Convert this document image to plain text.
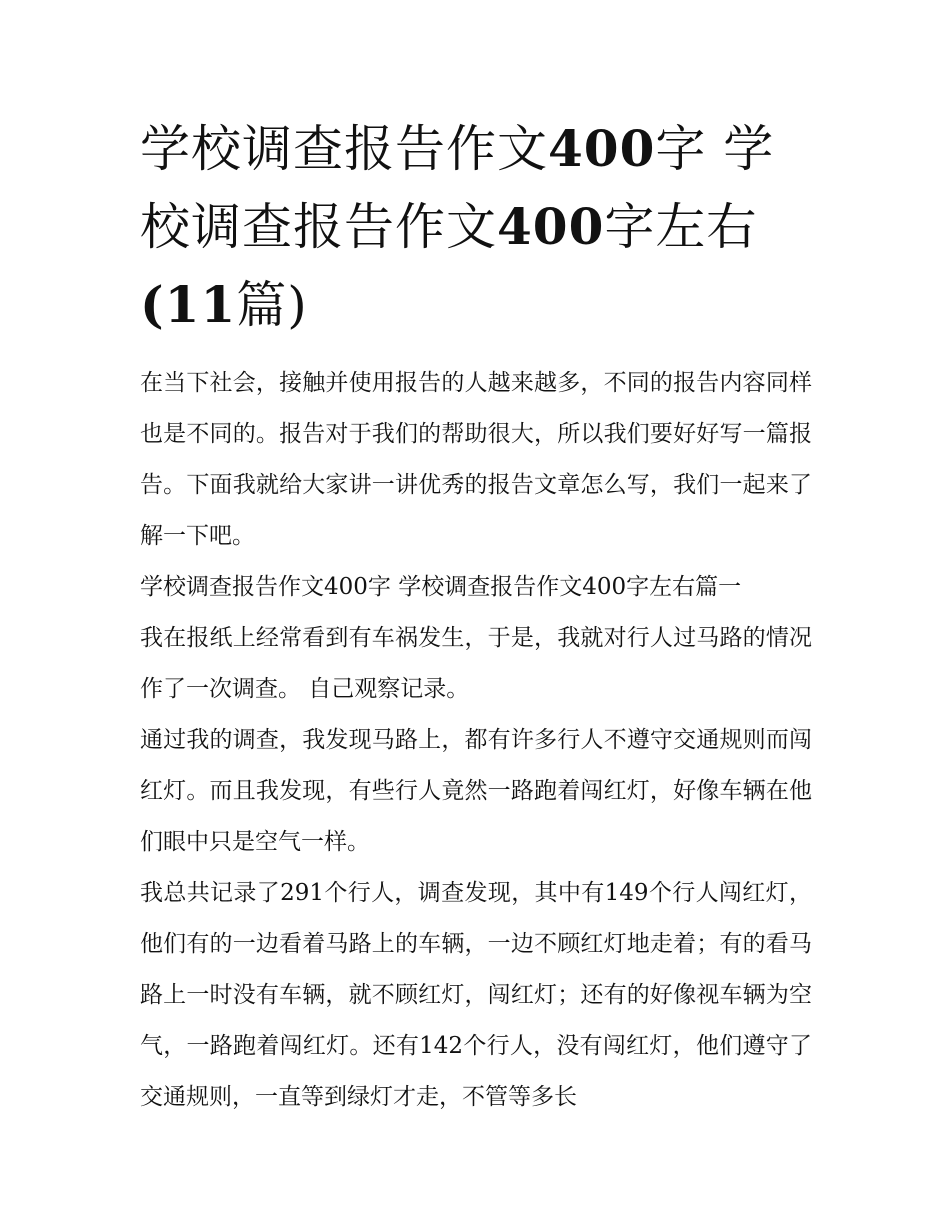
学校调查报告作文400字 学校调查报告作文400字左右(11篇)

在当下社会，接触并使用报告的人越来越多，不同的报告内容同样也是不同的。报告对于我们的帮助很大，所以我们要好好写一篇报告。下面我就给大家讲一讲优秀的报告文章怎么写，我们一起来了解一下吧。

学校调查报告作文400字 学校调查报告作文400字左右篇一

我在报纸上经常看到有车祸发生，于是，我就对行人过马路的情况作了一次调查。 自己观察记录。

通过我的调查，我发现马路上，都有许多行人不遵守交通规则而闯红灯。而且我发现，有些行人竟然一路跑着闯红灯，好像车辆在他们眼中只是空气一样。

我总共记录了291个行人，调查发现，其中有149个行人闯红灯，他们有的一边看着马路上的车辆，一边不顾红灯地走着；有的看马路上一时没有车辆，就不顾红灯，闯红灯；还有的好像视车辆为空气，一路跑着闯红灯。还有142个行人，没有闯红灯，他们遵守了交通规则，一直等到绿灯才走，不管等多长
